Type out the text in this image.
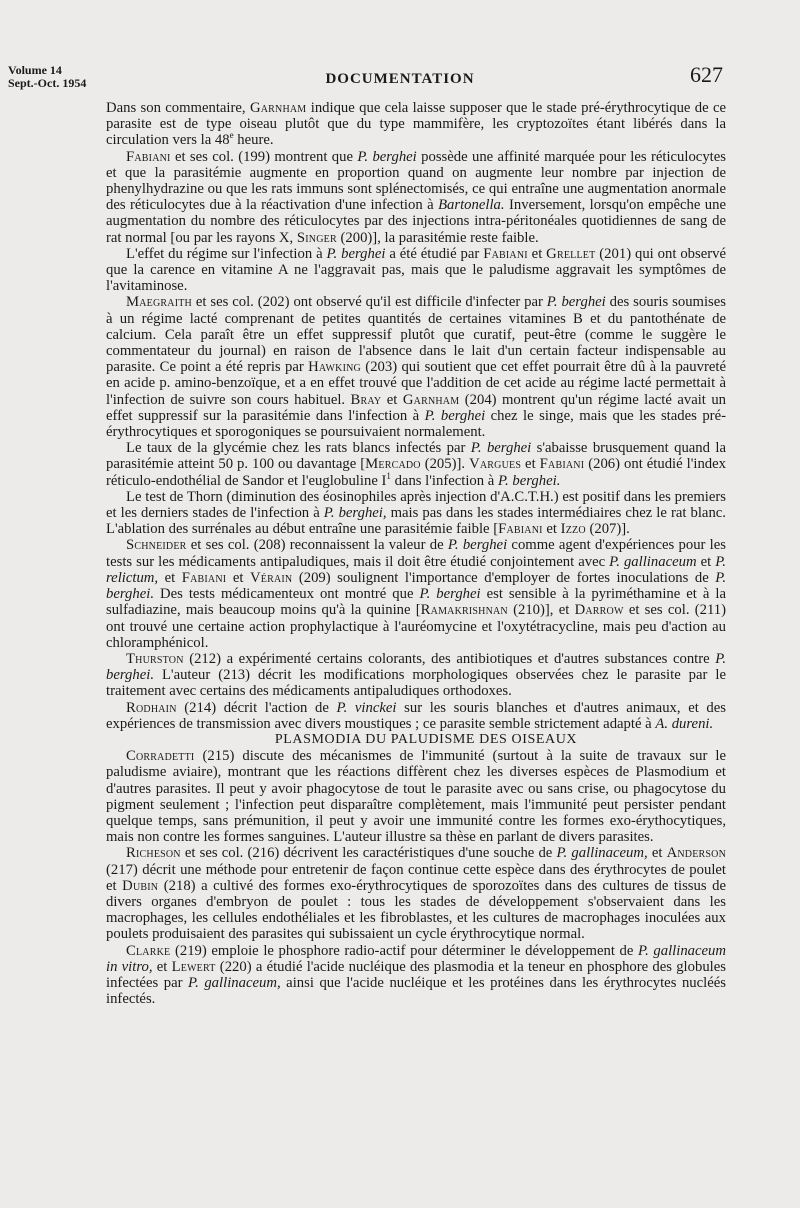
Volume 14
Sept.-Oct. 1954	DOCUMENTATION	627

Dans son commentaire, Garnham indique que cela laisse supposer que le stade pré-érythrocytique de ce parasite est de type oiseau plutôt que du type mammifère, les cryptozoïtes étant libérés dans la circulation vers la 48e heure.

Fabiani et ses col. (199) montrent que P. berghei possède une affinité marquée pour les réticulocytes et que la parasitémie augmente en proportion quand on augmente leur nombre par injection de phenylhydrazine ou que les rats immuns sont splénectomisés, ce qui entraîne une augmentation anormale des réticulocytes due à la réactivation d'une infection à Bartonella. Inversement, lorsqu'on empêche une augmentation du nombre des réticulocytes par des injections intra-péritonéales quotidiennes de sang de rat normal [ou par les rayons X, Singer (200)], la parasitémie reste faible.

L'effet du régime sur l'infection à P. berghei a été étudié par Fabiani et Grellet (201) qui ont observé que la carence en vitamine A ne l'aggravait pas, mais que le paludisme aggravait les symptômes de l'avitaminose.

Maegraith et ses col. (202) ont observé qu'il est difficile d'infecter par P. berghei des souris soumises à un régime lacté comprenant de petites quantités de certaines vitamines B et du pantothénate de calcium. Cela paraît être un effet suppressif plutôt que curatif, peut-être (comme le suggère le commentateur du journal) en raison de l'absence dans le lait d'un certain facteur indispensable au parasite. Ce point a été repris par Hawking (203) qui soutient que cet effet pourrait être dû à la pauvreté en acide p. amino-benzoïque, et a en effet trouvé que l'addition de cet acide au régime lacté permettait à l'infection de suivre son cours habituel. Bray et Garnham (204) montrent qu'un régime lacté avait un effet suppressif sur la parasitémie dans l'infection à P. berghei chez le singe, mais que les stades pré-érythrocytiques et sporogoniques se poursuivaient normalement.

Le taux de la glycémie chez les rats blancs infectés par P. berghei s'abaisse brusquement quand la parasitémie atteint 50 p. 100 ou davantage [Mercado (205)]. Vargues et Fabiani (206) ont étudié l'index réticulo-endothélial de Sandor et l'euglobuline $I^1$ dans l'infection à P. berghei.

Le test de Thorn (diminution des éosinophiles après injection d'A.C.T.H.) est positif dans les premiers et les derniers stades de l'infection à P. berghei, mais pas dans les stades intermédiaires chez le rat blanc. L'ablation des surrénales au début entraîne une parasitémie faible [Fabiani et Izzo (207)].

Schneider et ses col. (208) reconnaissent la valeur de P. berghei comme agent d'expériences pour les tests sur les médicaments antipaludiques, mais il doit être étudié conjointement avec P. gallinaceum et P. relictum, et Fabiani et Vérain (209) soulignent l'importance d'employer de fortes inoculations de P. berghei. Des tests médicamenteux ont montré que P. berghei est sensible à la pyriméthamine et à la sulfadiazine, mais beaucoup moins qu'à la quinine [Ramakrishnan (210)], et Darrow et ses col. (211) ont trouvé une certaine action prophylactique à l'auréomycine et l'oxytétracycline, mais peu d'action au chloramphénicol.

Thurston (212) a expérimenté certains colorants, des antibiotiques et d'autres substances contre P. berghei. L'auteur (213) décrit les modifications morphologiques observées chez le parasite par le traitement avec certains des médicaments antipaludiques orthodoxes.

Rodhain (214) décrit l'action de P. vinckei sur les souris blanches et d'autres animaux, et des expériences de transmission avec divers moustiques ; ce parasite semble strictement adapté à A. dureni.

PLASMODIA DU PALUDISME DES OISEAUX

Corradetti (215) discute des mécanismes de l'immunité (surtout à la suite de travaux sur le paludisme aviaire), montrant que les réactions diffèrent chez les diverses espèces de Plasmodium et d'autres parasites. Il peut y avoir phagocytose de tout le parasite avec ou sans crise, ou phagocytose du pigment seulement ; l'infection peut disparaître complètement, mais l'immunité peut persister pendant quelque temps, sans prémunition, il peut y avoir une immunité contre les formes exo-érythocytiques, mais non contre les formes sanguines. L'auteur illustre sa thèse en parlant de divers parasites.

Richeson et ses col. (216) décrivent les caractéristiques d'une souche de P. gallinaceum, et Anderson (217) décrit une méthode pour entretenir de façon continue cette espèce dans des érythrocytes de poulet et Dubin (218) a cultivé des formes exo-érythrocytiques de sporozoïtes dans des cultures de tissus de divers organes d'embryon de poulet : tous les stades de développement s'observaient dans les macrophages, les cellules endothéliales et les fibroblastes, et les cultures de macrophages inoculées aux poulets produisaient des parasites qui subissaient un cycle érythrocytique normal.

Clarke (219) emploie le phosphore radio-actif pour déterminer le développement de P. gallinaceum in vitro, et Lewert (220) a étudié l'acide nucléique des plasmodia et la teneur en phosphore des globules infectées par P. gallinaceum, ainsi que l'acide nucléique et les protéines dans les érythrocytes nucléés infectés.
